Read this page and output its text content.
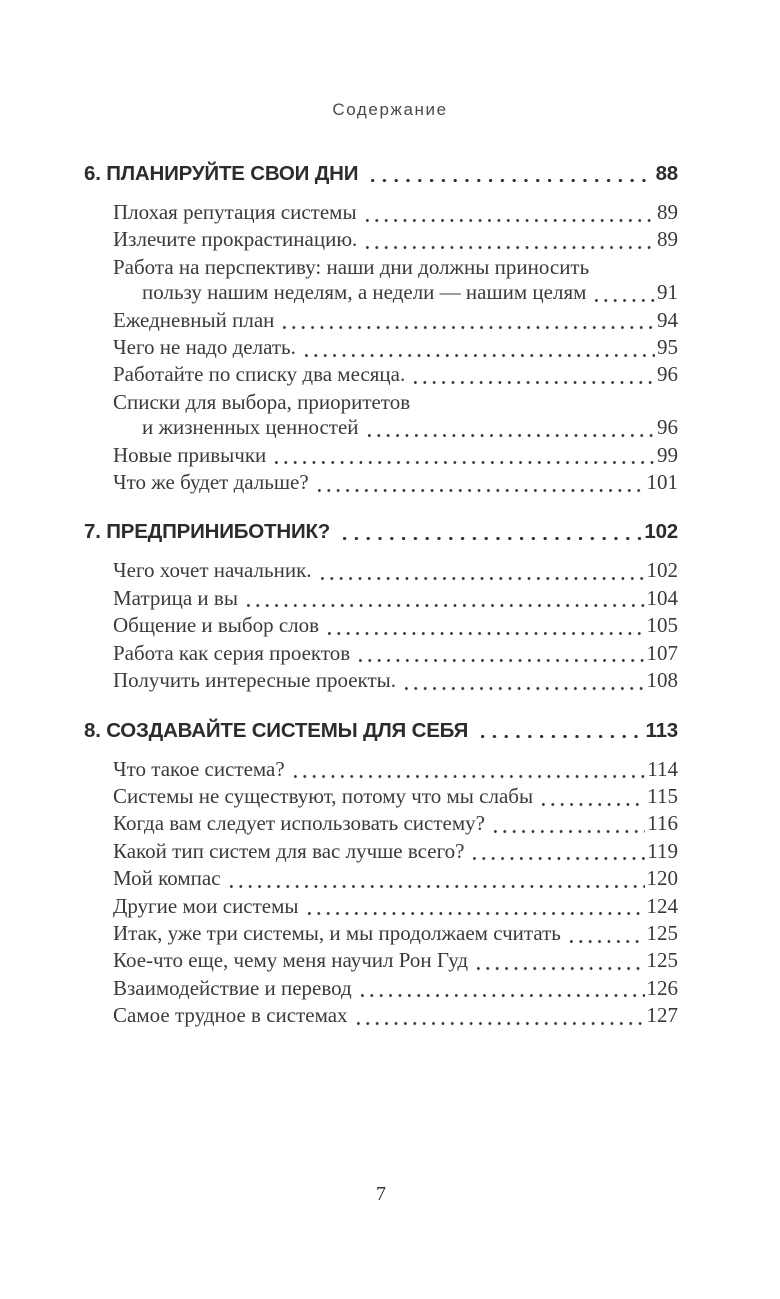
Содержание
6. ПЛАНИРУЙТЕ СВОИ ДНИ	88
Плохая репутация системы	89
Излечите прокрастинацию.	89
Работа на перспективу: наши дни должны приносить
пользу нашим неделям, а недели — нашим целям	91
Ежедневный план	94
Чего не надо делать.	95
Работайте по списку два месяца.	96
Списки для выбора, приоритетов
и жизненных ценностей	96
Новые привычки	99
Что же будет дальше?	101
7. ПРЕДПРИНИБОТНИК?	102
Чего хочет начальник.	102
Матрица и вы	104
Общение и выбор слов	105
Работа как серия проектов	107
Получить интересные проекты.	108
8. СОЗДАВАЙТЕ СИСТЕМЫ ДЛЯ СЕБЯ	113
Что такое система?	114
Системы не существуют, потому что мы слабы	115
Когда вам следует использовать систему?	116
Какой тип систем для вас лучше всего?	119
Мой компас	120
Другие мои системы	124
Итак, уже три системы, и мы продолжаем считать	125
Кое-что еще, чему меня научил Рон Гуд	125
Взаимодействие и перевод	126
Самое трудное в системах	127
7
